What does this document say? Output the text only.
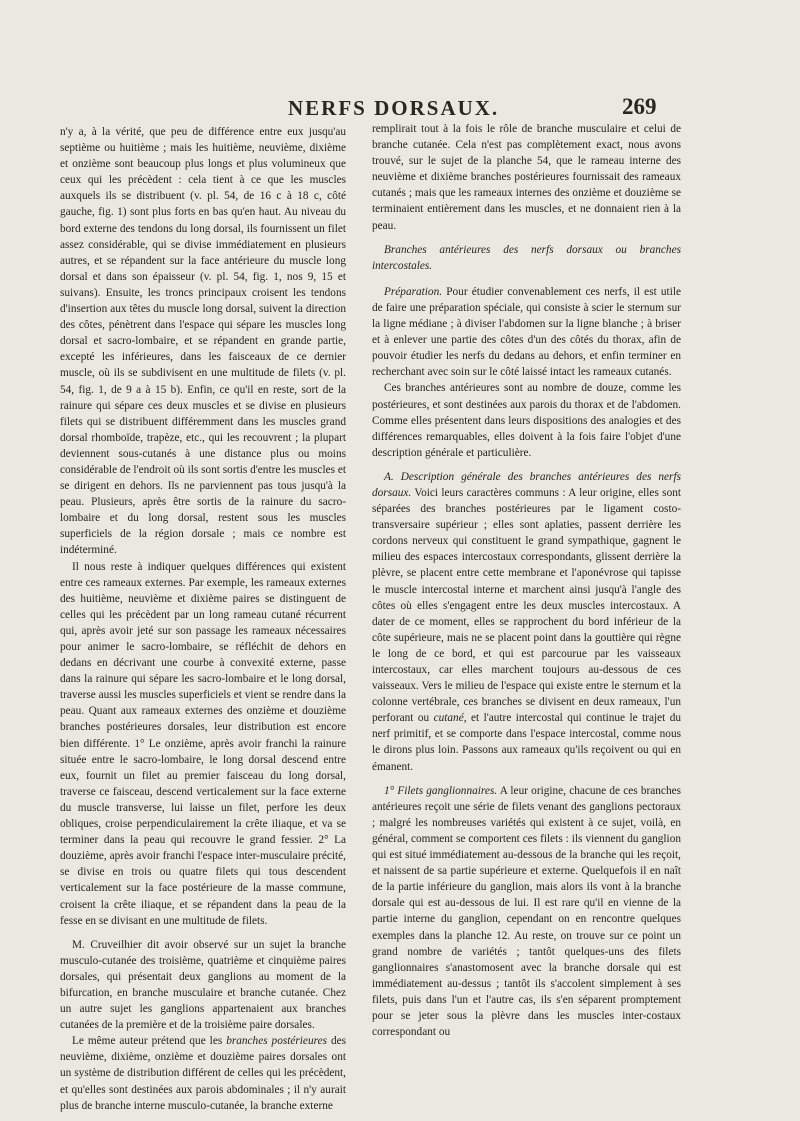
NERFS DORSAUX.	269

n'y a, à la vérité, que peu de différence entre eux jusqu'au septième ou huitième ; mais les huitième, neuvième, dixième et onzième sont beaucoup plus longs et plus volumineux que ceux qui les précèdent : cela tient à ce que les muscles auxquels ils se distribuent (v. pl. 54, de 16 c à 18 c, côté gauche, fig. 1) sont plus forts en bas qu'en haut. Au niveau du bord externe des tendons du long dorsal, ils fournissent un filet assez considérable, qui se divise immédiatement en plusieurs autres, et se répandent sur la face antérieure du muscle long dorsal et dans son épaisseur (v. pl. 54, fig. 1, nos 9, 15 et suivans). Ensuite, les troncs principaux croisent les tendons d'insertion aux têtes du muscle long dorsal, suivent la direction des côtes, pénètrent dans l'espace qui sépare les muscles long dorsal et sacro-lombaire, et se répandent en grande partie, excepté les inférieures, dans les faisceaux de ce dernier muscle, où ils se subdivisent en une multitude de filets (v. pl. 54, fig. 1, de 9 a à 15 b). Enfin, ce qu'il en reste, sort de la rainure qui sépare ces deux muscles et se divise en plusieurs filets qui se distribuent différemment dans les muscles grand dorsal rhomboïde, trapèze, etc., qui les recouvrent ; la plupart deviennent sous-cutanés à une distance plus ou moins considérable de l'endroit où ils sont sortis d'entre les muscles et se dirigent en dehors. Ils ne parviennent pas tous jusqu'à la peau. Plusieurs, après être sortis de la rainure du sacro-lombaire et du long dorsal, restent sous les muscles superficiels de la région dorsale ; mais ce nombre est indéterminé.

Il nous reste à indiquer quelques différences qui existent entre ces rameaux externes. Par exemple, les rameaux externes des huitième, neuvième et dixième paires se distinguent de celles qui les précèdent par un long rameau cutané récurrent qui, après avoir jeté sur son passage les rameaux nécessaires pour animer le sacro-lombaire, se réfléchit de dehors en dedans en décrivant une courbe à convexité externe, passe dans la rainure qui sépare les sacro-lombaire et le long dorsal, traverse aussi les muscles superficiels et vient se rendre dans la peau. Quant aux rameaux externes des onzième et douzième branches postérieures dorsales, leur distribution est encore bien différente. 1° Le onzième, après avoir franchi la rainure située entre le sacro-lombaire, le long dorsal descend entre eux, fournit un filet au premier faisceau du long dorsal, traverse ce faisceau, descend verticalement sur la face externe du muscle transverse, lui laisse un filet, perfore les deux obliques, croise perpendiculairement la crête iliaque, et va se terminer dans la peau qui recouvre le grand fessier. 2° La douzième, après avoir franchi l'espace inter-musculaire précité, se divise en trois ou quatre filets qui tous descendent verticalement sur la face postérieure de la masse commune, croisent la crête iliaque, et se répandent dans la peau de la fesse en se divisant en une multitude de filets.

M. Cruveilhier dit avoir observé sur un sujet la branche musculo-cutanée des troisième, quatrième et cinquième paires dorsales, qui présentait deux ganglions au moment de la bifurcation, en branche musculaire et branche cutanée. Chez un autre sujet les ganglions appartenaient aux branches cutanées de la première et de la troisième paire dorsales.

Le même auteur prétend que les branches postérieures des neuvième, dixième, onzième et douzième paires dorsales ont un système de distribution différent de celles qui les précèdent, et qu'elles sont destinées aux parois abdominales ; il n'y aurait plus de branche interne musculo-cutanée, la branche externe

remplirait tout à la fois le rôle de branche musculaire et celui de branche cutanée. Cela n'est pas complètement exact, nous avons trouvé, sur le sujet de la planche 54, que le rameau interne des neuvième et dixième branches postérieures fournissait des rameaux cutanés ; mais que les rameaux internes des onzième et douzième se terminaient entièrement dans les muscles, et ne donnaient rien à la peau.

Branches antérieures des nerfs dorsaux ou branches intercostales.

Préparation. Pour étudier convenablement ces nerfs, il est utile de faire une préparation spéciale, qui consiste à scier le sternum sur la ligne médiane ; à diviser l'abdomen sur la ligne blanche ; à briser et à enlever une partie des côtes d'un des côtés du thorax, afin de pouvoir étudier les nerfs du dedans au dehors, et enfin terminer en recherchant avec soin sur le côté laissé intact les rameaux cutanés.

Ces branches antérieures sont au nombre de douze, comme les postérieures, et sont destinées aux parois du thorax et de l'abdomen. Comme elles présentent dans leurs dispositions des analogies et des différences remarquables, elles doivent à la fois faire l'objet d'une description générale et particulière.

A. Description générale des branches antérieures des nerfs dorsaux. Voici leurs caractères communs : A leur origine, elles sont séparées des branches postérieures par le ligament costo-transversaire supérieur ; elles sont aplaties, passent derrière les cordons nerveux qui constituent le grand sympathique, gagnent le milieu des espaces intercostaux correspondants, glissent derrière la plèvre, se placent entre cette membrane et l'aponévrose qui tapisse le muscle intercostal interne et marchent ainsi jusqu'à l'angle des côtes où elles s'engagent entre les deux muscles intercostaux. A dater de ce moment, elles se rapprochent du bord inférieur de la côte supérieure, mais ne se placent point dans la gouttière qui règne le long de ce bord, et qui est parcourue par les vaisseaux intercostaux, car elles marchent toujours au-dessous de ces vaisseaux. Vers le milieu de l'espace qui existe entre le sternum et la colonne vertébrale, ces branches se divisent en deux rameaux, l'un perforant ou cutané, et l'autre intercostal qui continue le trajet du nerf primitif, et se comporte dans l'espace intercostal, comme nous le dirons plus loin. Passons aux rameaux qu'ils reçoivent ou qui en émanent.

1° Filets ganglionnaires. A leur origine, chacune de ces branches antérieures reçoit une série de filets venant des ganglions pectoraux ; malgré les nombreuses variétés qui existent à ce sujet, voilà, en général, comment se comportent ces filets : ils viennent du ganglion qui est situé immédiatement au-dessous de la branche qui les reçoit, et naissent de sa partie supérieure et externe. Quelquefois il en naît de la partie inférieure du ganglion, mais alors ils vont à la branche dorsale qui est au-dessous de lui. Il est rare qu'il en vienne de la partie interne du ganglion, cependant on en rencontre quelques exemples dans la planche 12. Au reste, on trouve sur ce point un grand nombre de variétés ; tantôt quelques-uns des filets ganglionnaires s'anastomosent avec la branche dorsale qui est immédiatement au-dessus ; tantôt ils s'accolent simplement à ses filets, puis dans l'un et l'autre cas, ils s'en séparent promptement pour se jeter sous la plèvre dans les muscles inter-costaux correspondant ou
